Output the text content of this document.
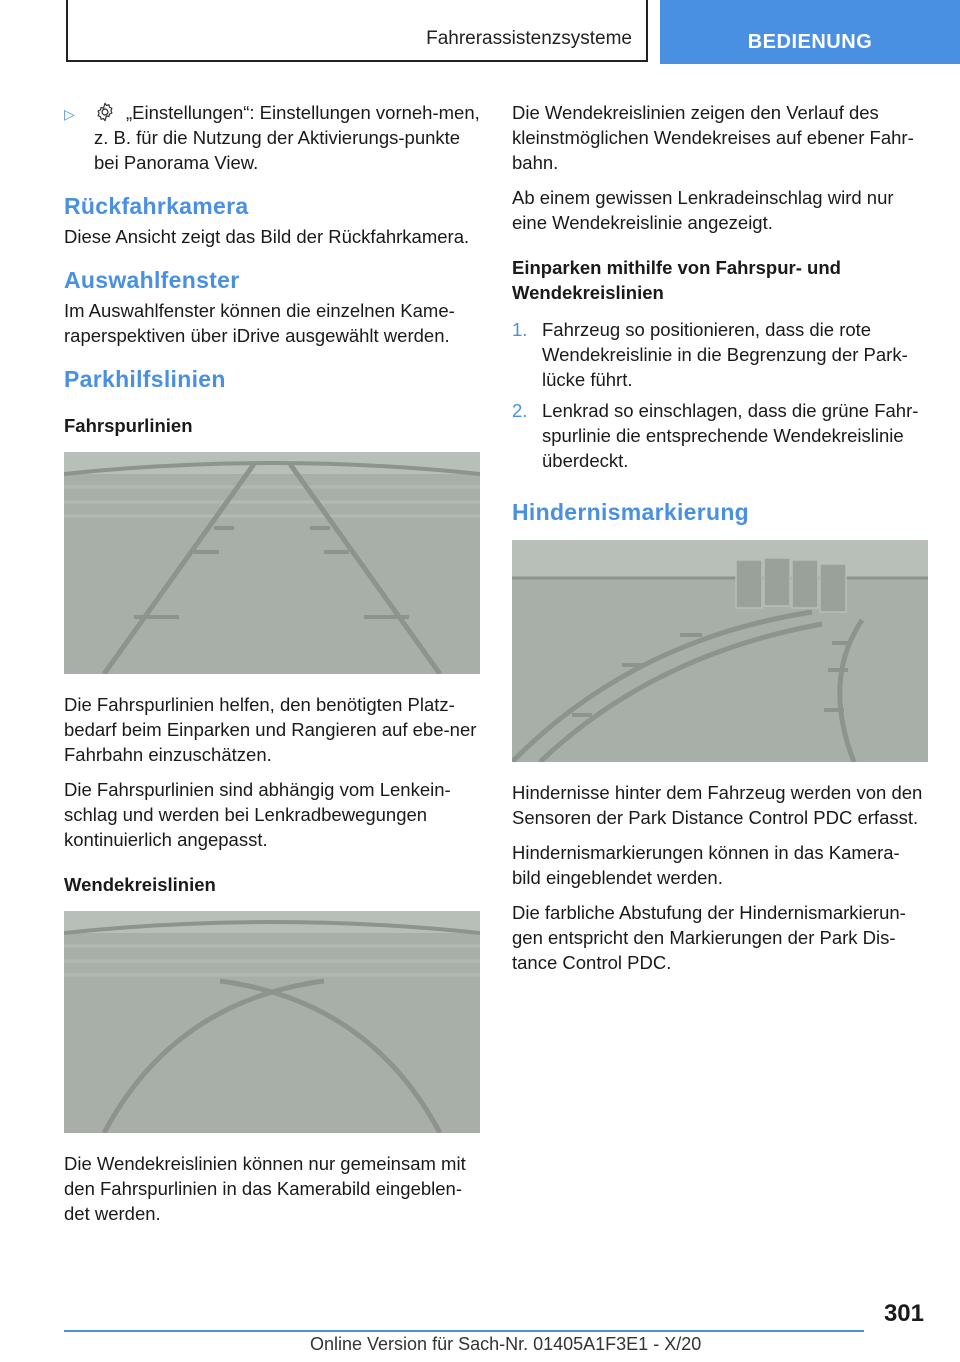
Fahrerassistenzsysteme	BEDIENUNG
▷	„Einstellungen“: Einstellungen vorneh-men, z. B. für die Nutzung der Aktivierungs-punkte bei Panorama View.
Rückfahrkamera

Diese Ansicht zeigt das Bild der Rückfahrkamera.

Auswahlfenster

Im Auswahlfenster können die einzelnen Kame-raperspektiven über iDrive ausgewählt werden.

Parkhilfslinien
Fahrspurlinien

Die Fahrspurlinien helfen, den benötigten Platz-bedarf beim Einparken und Rangieren auf ebe-ner Fahrbahn einzuschätzen.

Die Fahrspurlinien sind abhängig vom Lenkein-schlag und werden bei Lenkradbewegungen kontinuierlich angepasst.

Wendekreislinien

Die Wendekreislinien können nur gemeinsam mit den Fahrspurlinien in das Kamerabild eingeblen-det werden.

Die Wendekreislinien zeigen den Verlauf des kleinstmöglichen Wendekreises auf ebener Fahr-bahn.

Ab einem gewissen Lenkradeinschlag wird nur eine Wendekreislinie angezeigt.

Einparken mithilfe von Fahrspur- und Wendekreislinien
1. Fahrzeug so positionieren, dass die rote Wendekreislinie in die Begrenzung der Park-lücke führt.
2. Lenkrad so einschlagen, dass die grüne Fahr-spurlinie die entsprechende Wendekreislinie überdeckt.
Hindernismarkierung

Hindernisse hinter dem Fahrzeug werden von den Sensoren der Park Distance Control PDC erfasst.

Hindernismarkierungen können in das Kamera-bild eingeblendet werden.

Die farbliche Abstufung der Hindernismarkierun-gen entspricht den Markierungen der Park Dis-tance Control PDC.

301
Online Version für Sach-Nr. 01405A1F3E1 - X/20
